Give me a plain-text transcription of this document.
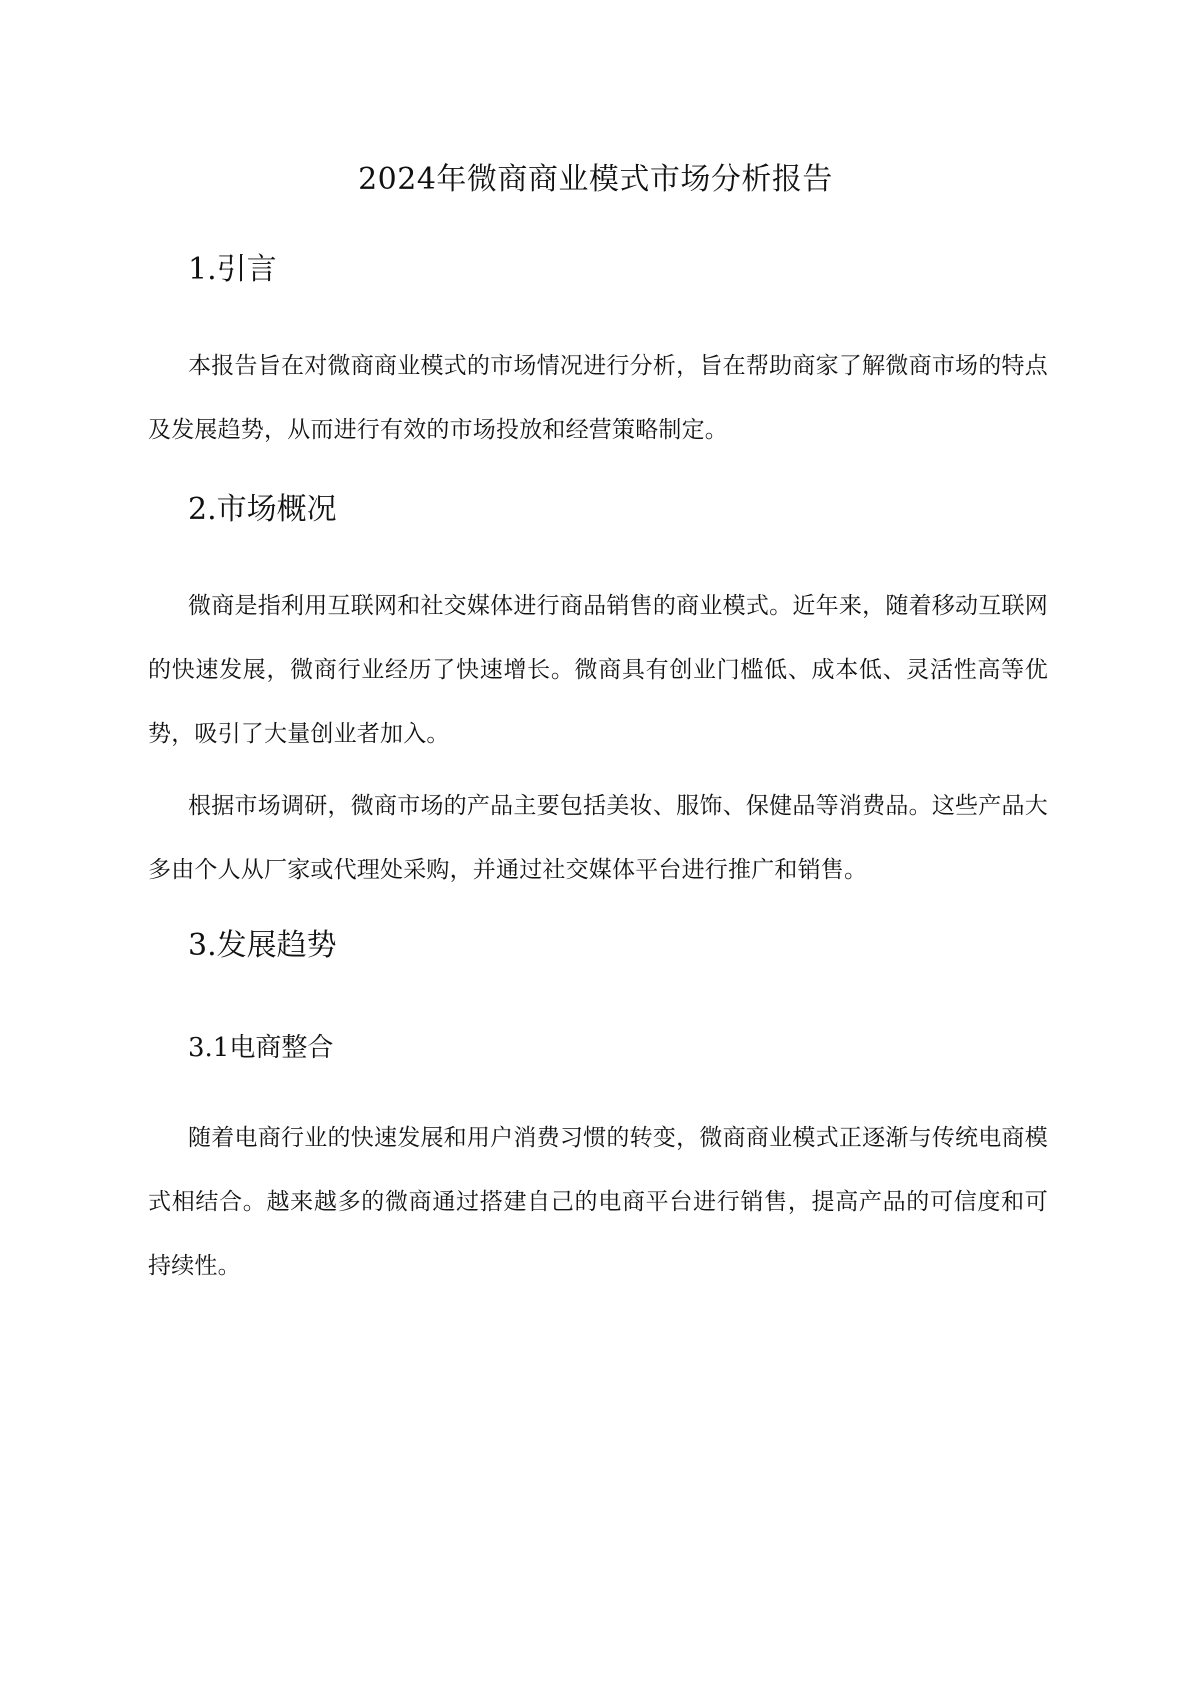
2024年微商商业模式市场分析报告
1.引言

本报告旨在对微商商业模式的市场情况进行分析，旨在帮助商家了解微商市场的特点及发展趋势，从而进行有效的市场投放和经营策略制定。

2.市场概况

微商是指利用互联网和社交媒体进行商品销售的商业模式。近年来，随着移动互联网的快速发展，微商行业经历了快速增长。微商具有创业门槛低、成本低、灵活性高等优势，吸引了大量创业者加入。

根据市场调研，微商市场的产品主要包括美妆、服饰、保健品等消费品。这些产品大多由个人从厂家或代理处采购，并通过社交媒体平台进行推广和销售。

3.发展趋势
3.1电商整合

随着电商行业的快速发展和用户消费习惯的转变，微商商业模式正逐渐与传统电商模式相结合。越来越多的微商通过搭建自己的电商平台进行销售，提高产品的可信度和可持续性。
